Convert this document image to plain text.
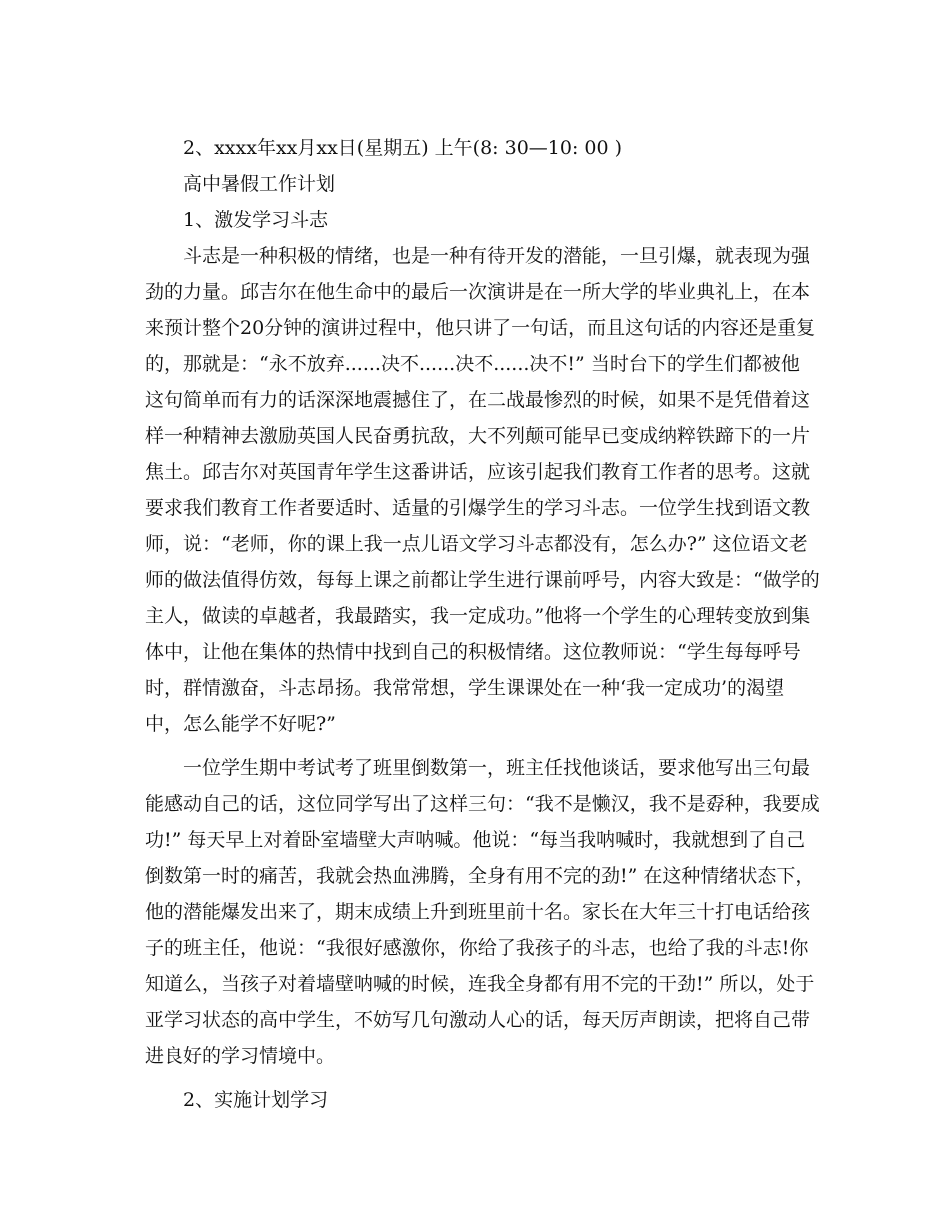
2、xxxx年xx月xx日(星期五) 上午(8: 30—10: 00 )

高中暑假工作计划

1、激发学习斗志

斗志是一种积极的情绪，也是一种有待开发的潜能，一旦引爆，就表现为强

劲的力量。邱吉尔在他生命中的最后一次演讲是在一所大学的毕业典礼上，在本

来预计整个20分钟的演讲过程中，他只讲了一句话，而且这句话的内容还是重复

的，那就是：“永不放弃......决不......决不......决不!” 当时台下的学生们都被他

这句简单而有力的话深深地震撼住了，在二战最惨烈的时候，如果不是凭借着这

样一种精神去激励英国人民奋勇抗敌，大不列颠可能早已变成纳粹铁蹄下的一片

焦土。邱吉尔对英国青年学生这番讲话，应该引起我们教育工作者的思考。这就

要求我们教育工作者要适时、适量的引爆学生的学习斗志。一位学生找到语文教

师，说：“老师，你的课上我一点儿语文学习斗志都没有，怎么办?” 这位语文老

师的做法值得仿效，每每上课之前都让学生进行课前呼号，内容大致是：“做学的

主人，做读的卓越者，我最踏实，我一定成功。”他将一个学生的心理转变放到集

体中，让他在集体的热情中找到自己的积极情绪。这位教师说：“学生每每呼号

时，群情激奋，斗志昂扬。我常常想，学生课课处在一种‘我一定成功’的渴望

中，怎么能学不好呢?”

一位学生期中考试考了班里倒数第一，班主任找他谈话，要求他写出三句最

能感动自己的话，这位同学写出了这样三句：“我不是懒汉，我不是孬种，我要成

功!” 每天早上对着卧室墙壁大声呐喊。他说：“每当我呐喊时，我就想到了自己

倒数第一时的痛苦，我就会热血沸腾，全身有用不完的劲!” 在这种情绪状态下，

他的潜能爆发出来了，期末成绩上升到班里前十名。家长在大年三十打电话给孩

子的班主任，他说：“我很好感激你，你给了我孩子的斗志，也给了我的斗志!你

知道么，当孩子对着墙壁呐喊的时候，连我全身都有用不完的干劲!” 所以，处于

亚学习状态的高中学生，不妨写几句激动人心的话，每天厉声朗读，把将自己带

进良好的学习情境中。

2、实施计划学习
